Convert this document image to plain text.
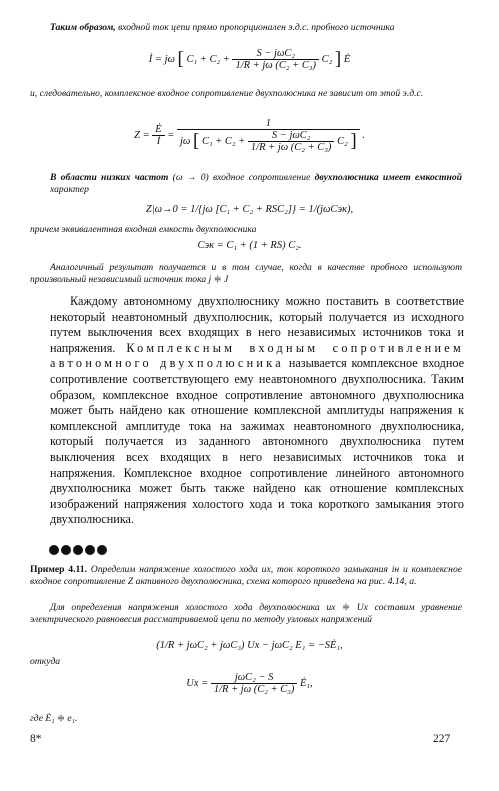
Таким образом, входной ток цепи прямо пропорционален э.д.с. пробного источника
İ = jω [ $C_1 + C_2 + \frac{\text{S − jωC₂}}{\text{1/R + jω (C₂ + C₃)}} C_2$ ] Ė
и, следовательно, комплексное входное сопротивление двухполюсника не зависит от этой э.д.с.
$Z = \frac{Ė}{İ}$ =
1
jω [ $C_1 + C_2 + \frac{\text{S − jωC₂}}{\text{1/R + jω (C₂ + C₃)}} C_2$ ] .
В области низких частот (ω → 0) входное сопротивление двухполюсника имеет емкостной характер
Z|ω→0 = 1/{jω [C₁ + C₂ + RSC₂]} = 1/(jωCэк),
причем эквивалентная входная емкость двухполюсника
Cэк = C₁ + (1 + RS) C₂.
Аналогичный результат получается и в том случае, когда в качестве пробного используют произвольный независимый источник тока j ≑ J

Каждому автономному двухполюснику можно поставить в соответствие некоторый неавтономный двухполюсник, который получается из исходного путем выключения всех входящих в него независимых источников тока и напряжения. Комплексным входным сопротивлением автономного двухполюсника называется комплексное входное сопротивление соответствующего ему неавтономного двухполюсника. Таким образом, комплексное входное сопротивление автономного двухполюсника может быть найдено как отношение комплексной амплитуды напряжения к комплексной амплитуде тока на зажимах неавтономного двухполюсника, который получается из заданного автономного двухполюсника путем выключения всех входящих в него независимых источников тока и напряжения. Комплексное входное сопротивление линейного автономного двухполюсника может быть также найдено как отношение комплексных изображений напряжения холостого хода и тока короткого замыкания этого двухполюсника.

Пример 4.11. Определим напряжение холостого хода uх, ток короткого замыкания iн и комплексное входное сопротивление Z активного двухполюсника, схема которого приведена на рис. 4.14, а.
Для определения напряжения холостого хода двухполюсника uх ≑ Uх составим уравнение электрического равновесия рассматриваемой цепи по методу узловых напряжений
(1/R + jωC₂ + jωC₃) Uх − jωC₂ E₁ = −SĖ₁,
откуда
Uх = $\frac{\text{jωC₂ − S}}{\text{1/R + jω (C₂ + C₃)}}$ Ė₁,
где Ė₁ ≑ e₁.
8*	227
